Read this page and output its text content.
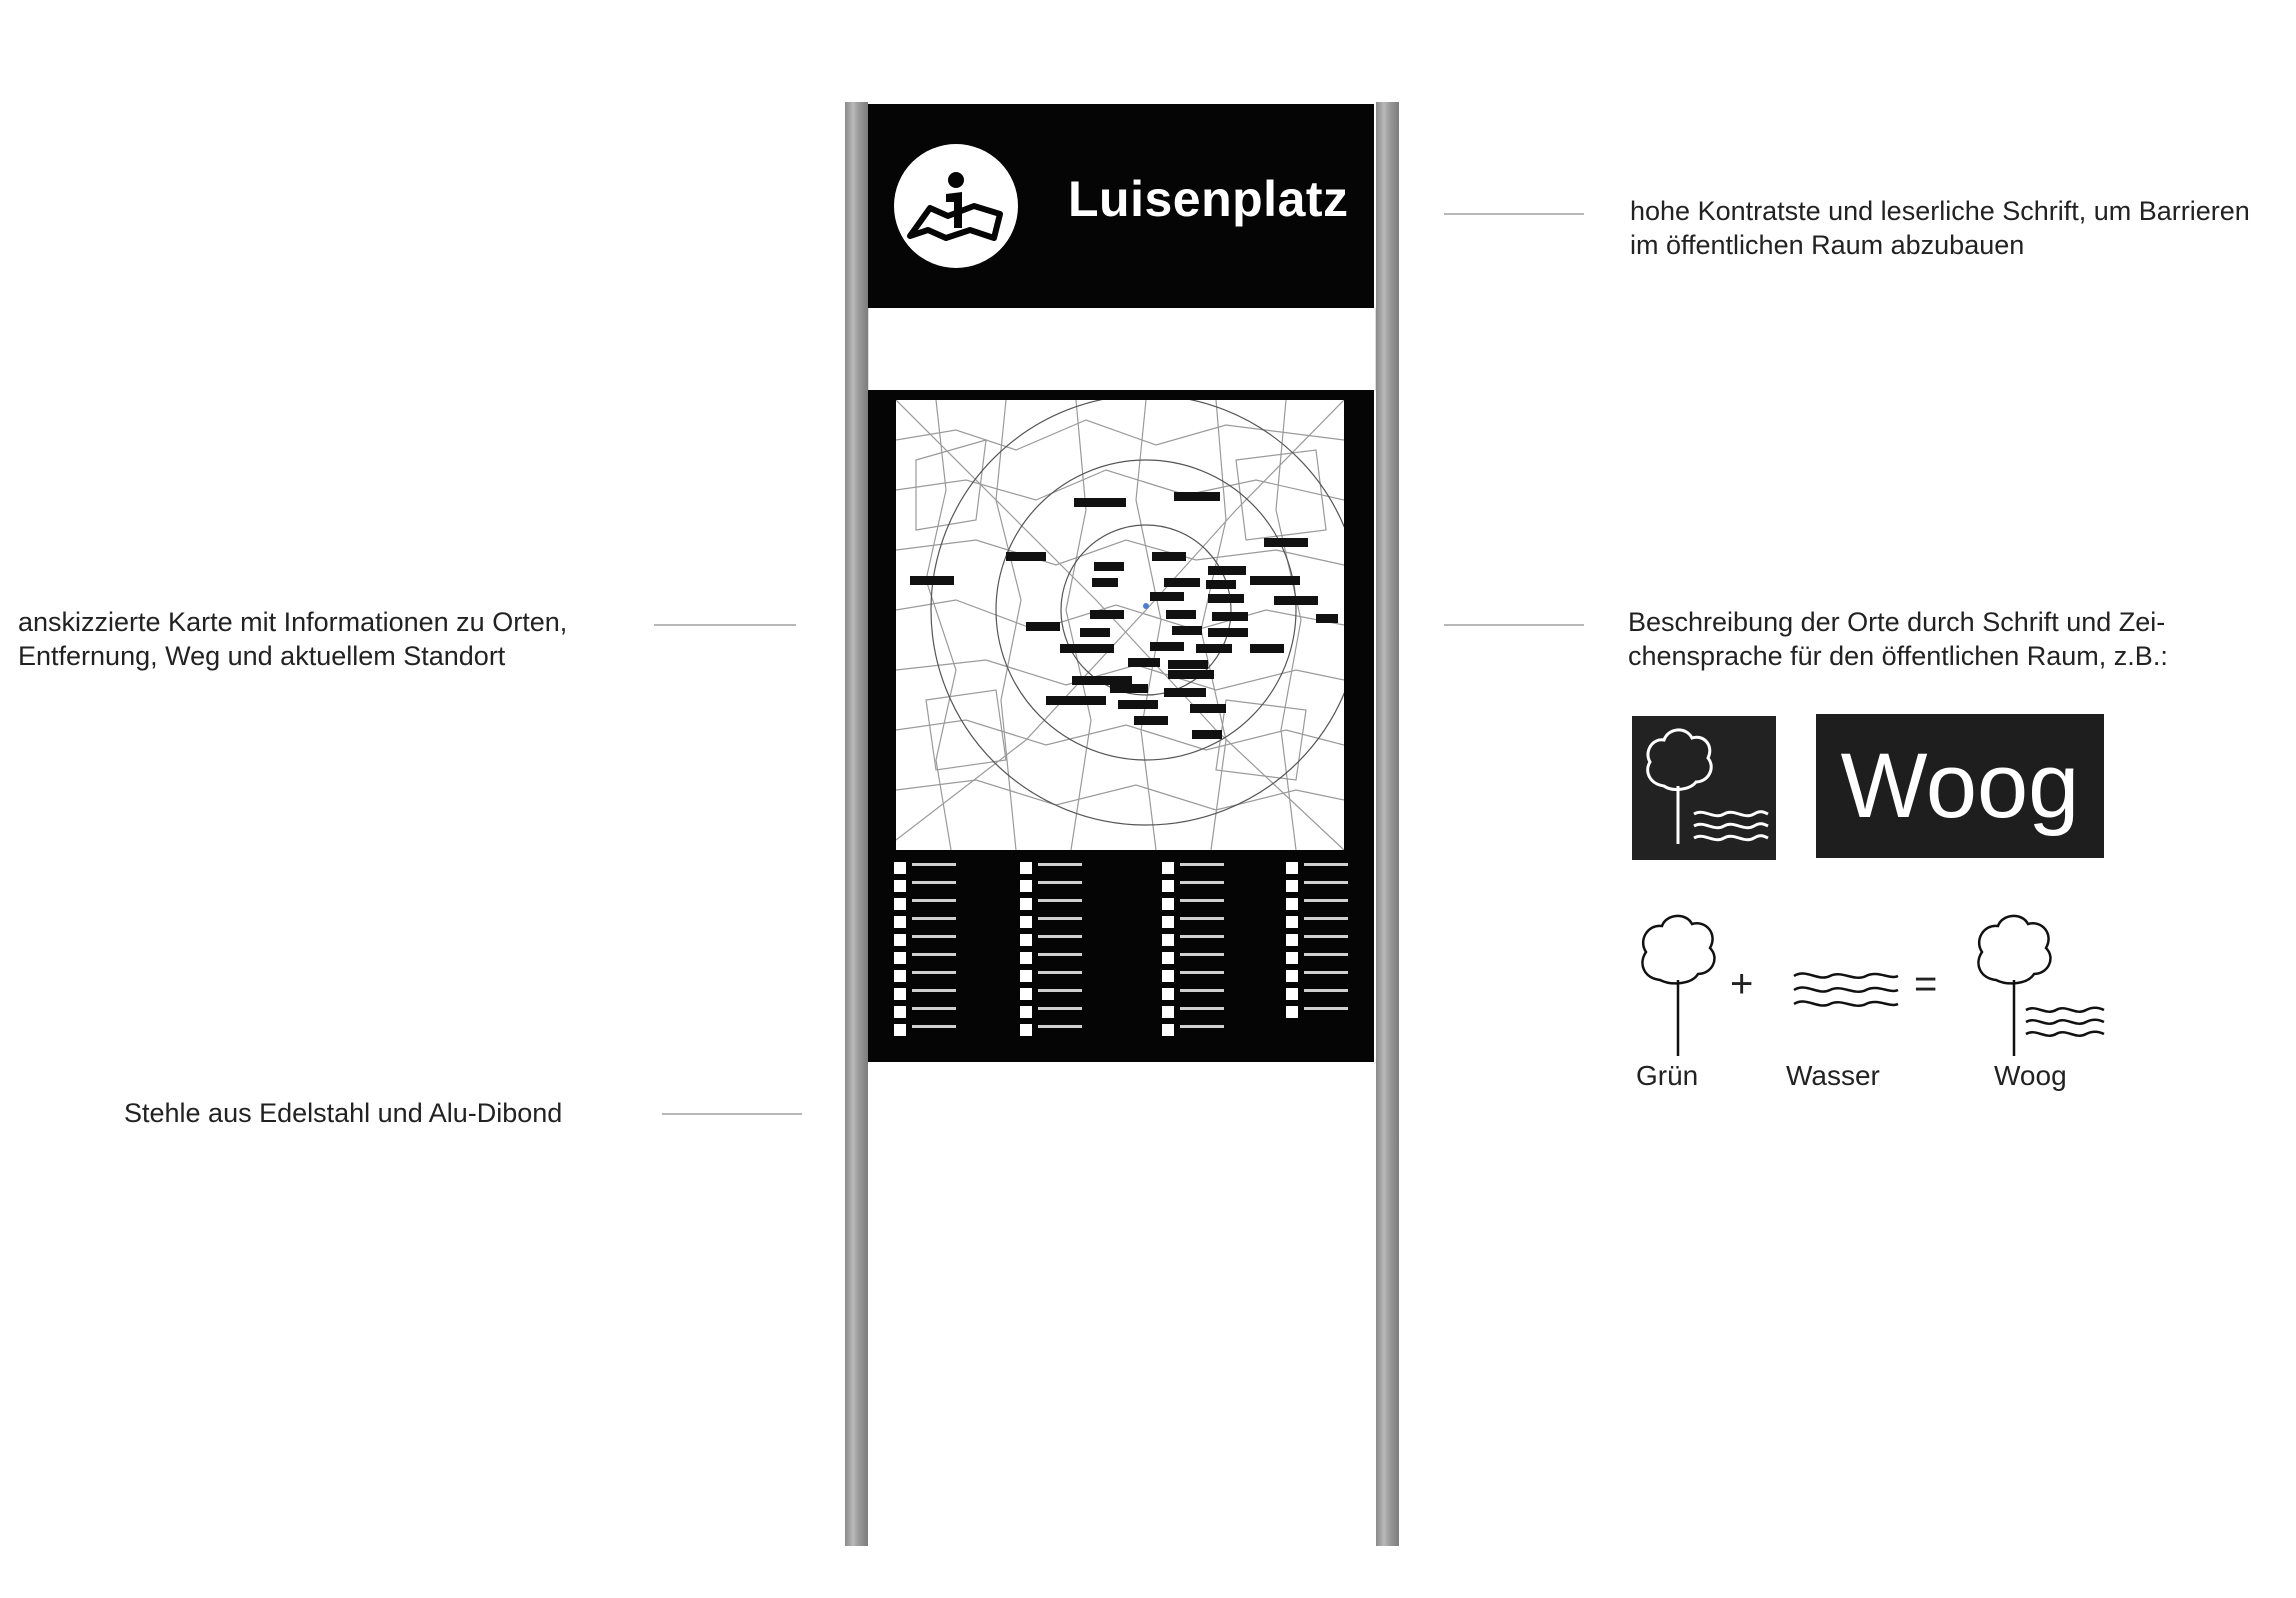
hohe Kontratste und leserliche Schrift, um Barrieren
im öffentlichen Raum abzubauen
anskizzierte Karte mit Informationen zu Orten,
Entfernung, Weg und aktuellem Standort
Beschreibung der Orte durch Schrift und Zei-
chensprache für den öffentlichen Raum, z.B.:
Stehle aus Edelstahl und Alu-Dibond
Luisenplatz
Woog
+	=
Grün	Wasser	Woog
